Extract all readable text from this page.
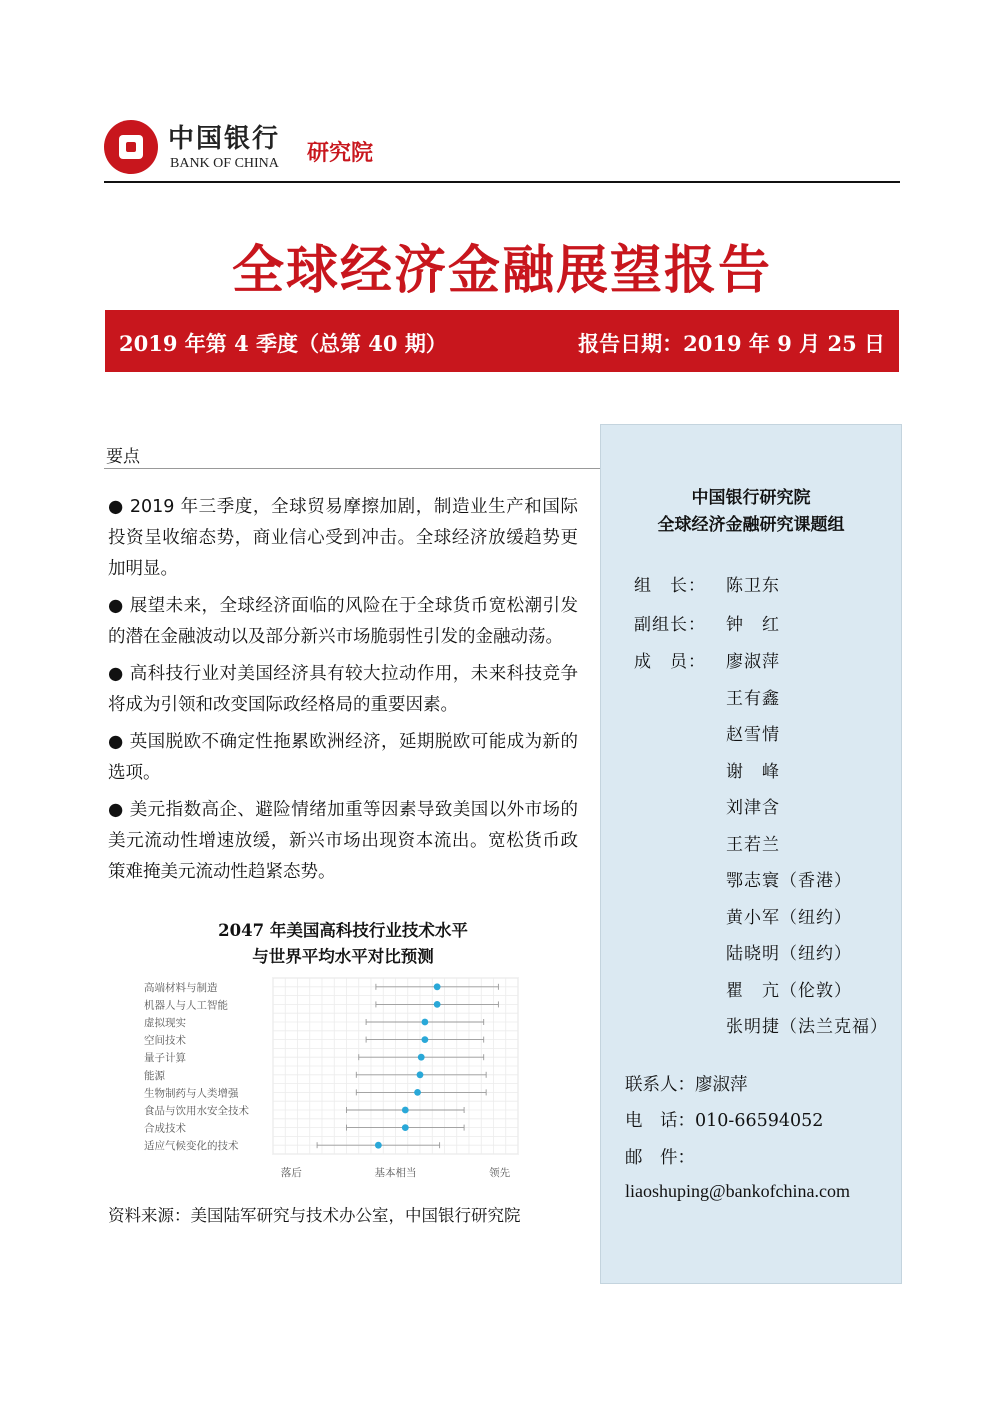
中国银行
BANK OF CHINA 研究院
全球经济金融展望报告
2019 年第 4 季度（总第 40 期）	报告日期：2019 年 9 月 25 日
要点

● 2019 年三季度，全球贸易摩擦加剧，制造业生产和国际投资呈收缩态势，商业信心受到冲击。全球经济放缓趋势更加明显。

● 展望未来，全球经济面临的风险在于全球货币宽松潮引发的潜在金融波动以及部分新兴市场脆弱性引发的金融动荡。

● 高科技行业对美国经济具有较大拉动作用，未来科技竞争将成为引领和改变国际政经格局的重要因素。

● 英国脱欧不确定性拖累欧洲经济，延期脱欧可能成为新的选项。

● 美元指数高企、避险情绪加重等因素导致美国以外市场的美元流动性增速放缓，新兴市场出现资本流出。宽松货币政策难掩美元流动性趋紧态势。

2047 年美国高科技行业技术水平
与世界平均水平对比预测
高端材料与制造
机器人与人工智能
虚拟现实
空间技术
量子计算
能源
生物制药与人类增强
食品与饮用水安全技术
合成技术
适应气候变化的技术
落后	基本相当	领先
资料来源：美国陆军研究与技术办公室，中国银行研究院
中国银行研究院
全球经济金融研究课题组
组　长：	陈卫东
副组长：	钟　红
成　员：	廖淑萍
王有鑫
赵雪情
谢　峰
刘津含
王若兰
鄂志寰（香港）
黄小军（纽约）
陆晓明（纽约）
瞿　亢（伦敦）
张明捷（法兰克福）
联系人：廖淑萍
电　话：010-66594052
邮　件：
liaoshuping@bankofchina.com
